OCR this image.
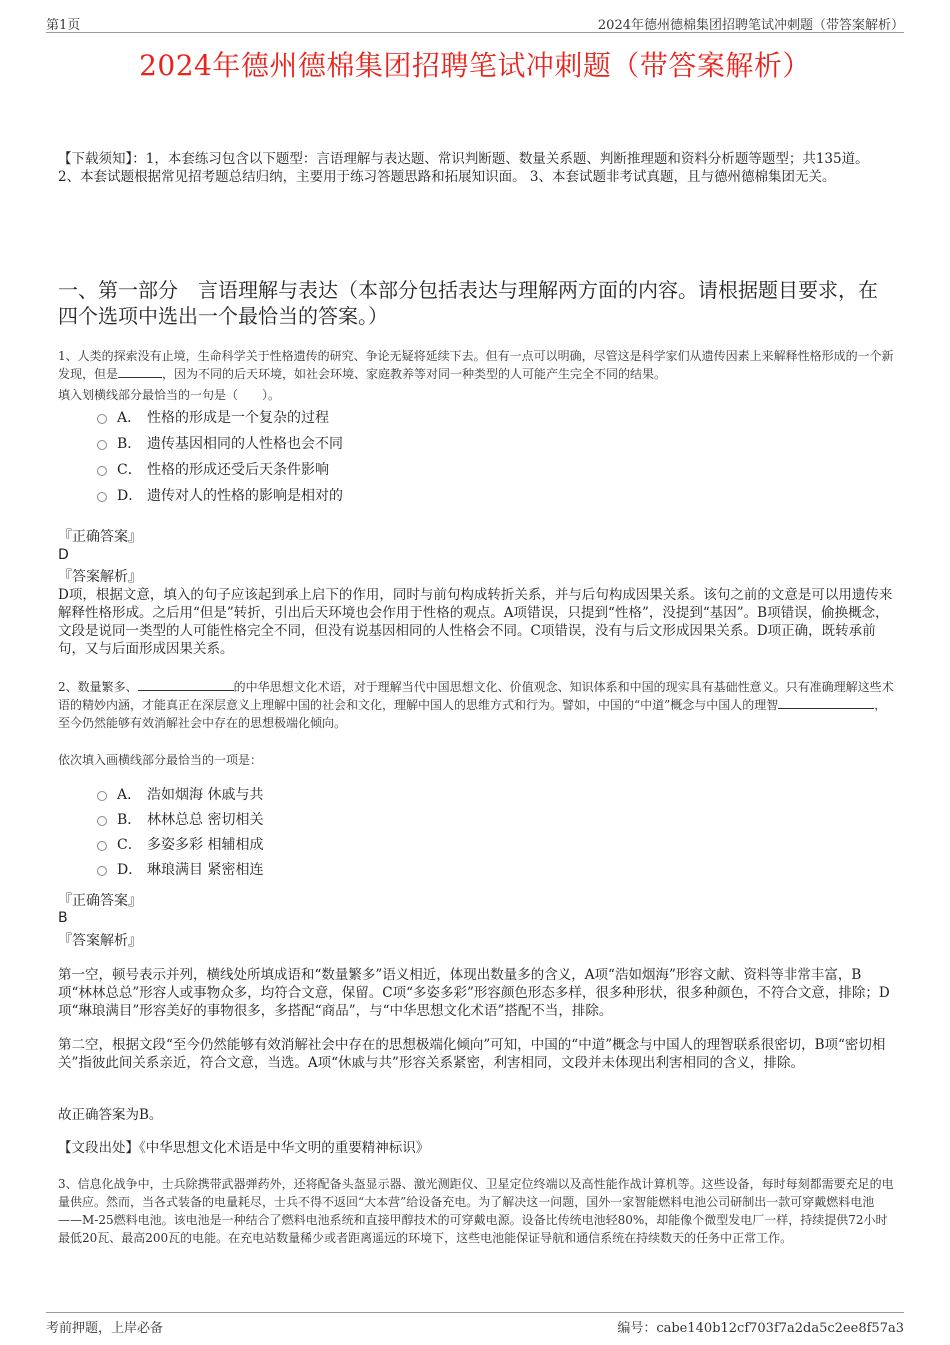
第1页	2024年德州德棉集团招聘笔试冲刺题（带答案解析）
2024年德州德棉集团招聘笔试冲刺题（带答案解析）
【下载须知】：1，本套练习包含以下题型：言语理解与表达题、常识判断题、数量关系题、判断推理题和资料分析题等题型；共135道。 2、本套试题根据常见招考题总结归纳，主要用于练习答题思路和拓展知识面。 3、本套试题非考试真题，且与德州德棉集团无关。
一、第一部分　言语理解与表达（本部分包括表达与理解两方面的内容。请根据题目要求，在四个选项中选出一个最恰当的答案。）
1、人类的探索没有止境，生命科学关于性格遗传的研究、争论无疑将延续下去。但有一点可以明确，尽管这是科学家们从遗传因素上来解释性格形成的一个新发现，但是	，因为不同的后天环境，如社会环境、家庭教养等对同一种类型的人可能产生完全不同的结果。
填入划横线部分最恰当的一句是（　　）。
A． 性格的形成是一个复杂的过程
B． 遗传基因相同的人性格也会不同
C． 性格的形成还受后天条件影响
D． 遗传对人的性格的影响是相对的
『正确答案』
D
『答案解析』
D项，根据文意，填入的句子应该起到承上启下的作用，同时与前句构成转折关系，并与后句构成因果关系。该句之前的文意是可以用遗传来解释性格形成。之后用“但是”转折，引出后天环境也会作用于性格的观点。A项错误，只提到“性格”，没提到“基因”。B项错误，偷换概念，文段是说同一类型的人可能性格完全不同，但没有说基因相同的人性格会不同。C项错误，没有与后文形成因果关系。D项正确，既转承前句，又与后面形成因果关系。
2、数量繁多、	的中华思想文化术语，对于理解当代中国思想文化、价值观念、知识体系和中国的现实具有基础性意义。只有准确理解这些术语的精妙内涵，才能真正在深层意义上理解中国的社会和文化，理解中国人的思维方式和行为。譬如，中国的“中道”概念与中国人的理智	，至今仍然能够有效消解社会中存在的思想极端化倾向。
依次填入画横线部分最恰当的一项是：
A． 浩如烟海 休戚与共
B． 林林总总 密切相关
C． 多姿多彩 相辅相成
D． 琳琅满目 紧密相连
『正确答案』
B
『答案解析』
第一空，顿号表示并列，横线处所填成语和“数量繁多”语义相近，体现出数量多的含义，A项“浩如烟海”形容文献、资料等非常丰富，B项“林林总总”形容人或事物众多，均符合文意，保留。C项“多姿多彩”形容颜色形态多样，很多种形状，很多种颜色，不符合文意，排除；D项“琳琅满目”形容美好的事物很多，多搭配“商品”，与“中华思想文化术语”搭配不当，排除。
第二空，根据文段“至今仍然能够有效消解社会中存在的思想极端化倾向”可知，中国的“中道”概念与中国人的理智联系很密切，B项“密切相关”指彼此间关系亲近，符合文意，当选。A项“休戚与共”形容关系紧密，利害相同，文段并未体现出利害相同的含义，排除。
故正确答案为B。
【文段出处】《中华思想文化术语是中华文明的重要精神标识》
3、信息化战争中，士兵除携带武器弹药外，还将配备头盔显示器、激光测距仪、卫星定位终端以及高性能作战计算机等。这些设备，每时每刻都需要充足的电量供应。然而，当各式装备的电量耗尽，士兵不得不返回“大本营”给设备充电。为了解决这一问题，国外一家智能燃料电池公司研制出一款可穿戴燃料电池——M-25燃料电池。该电池是一种结合了燃料电池系统和直接甲醇技术的可穿戴电源。设备比传统电池轻80%，却能像个微型发电厂一样，持续提供72小时最低20瓦、最高200瓦的电能。在充电站数量稀少或者距离遥远的环境下，这些电池能保证导航和通信系统在持续数天的任务中正常工作。
考前押题，上岸必备	编号：cabe140b12cf703f7a2da5c2ee8f57a3
